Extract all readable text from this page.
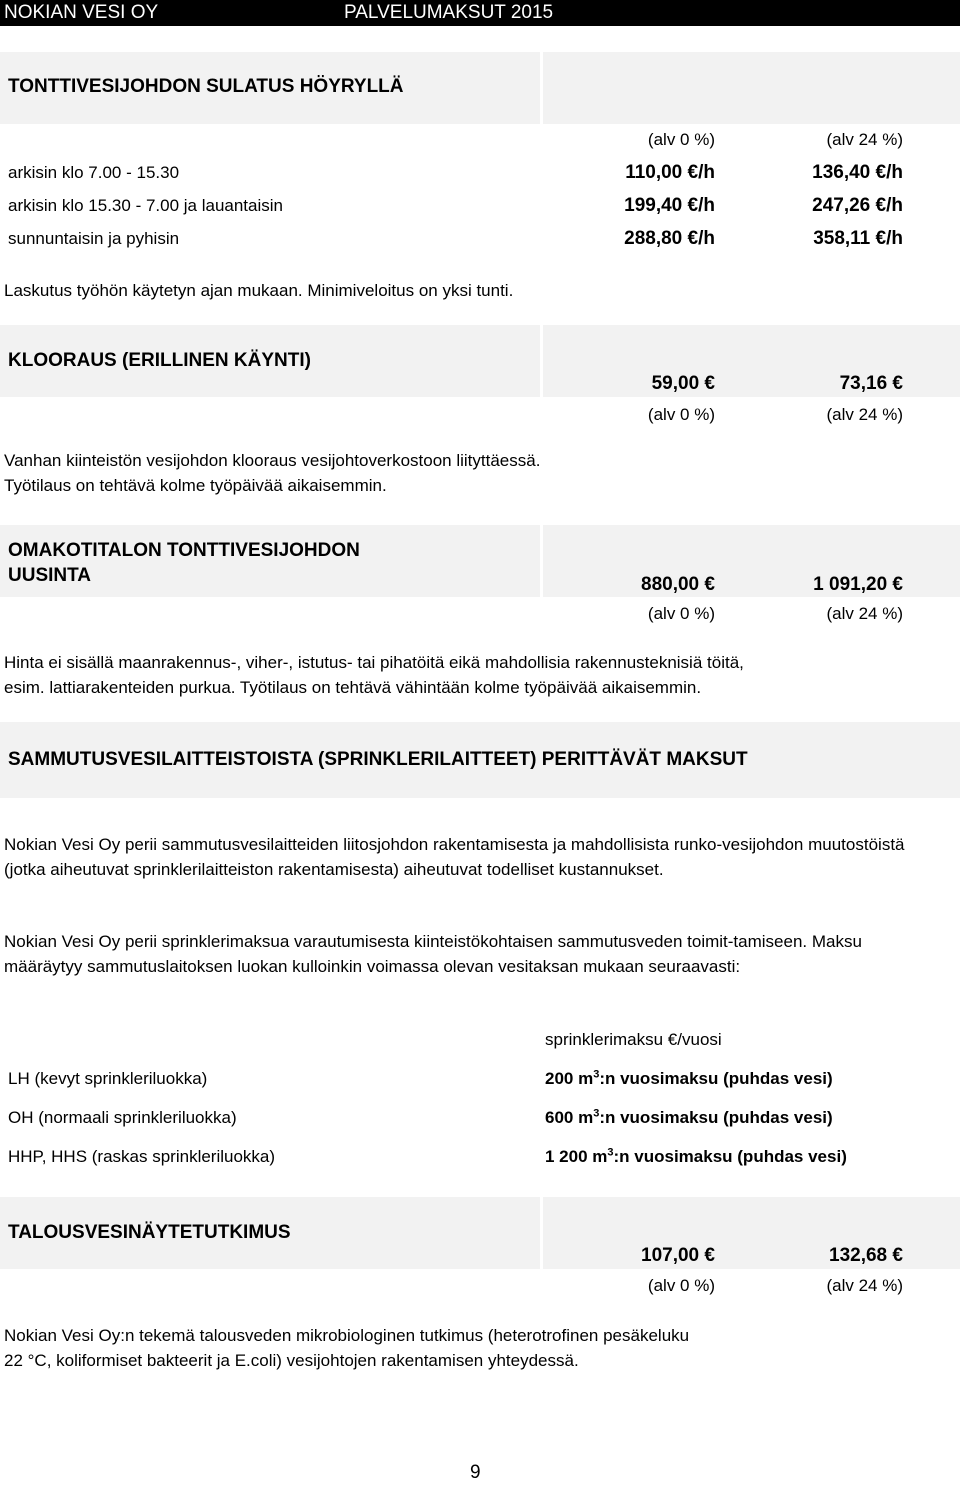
NOKIAN VESI OY	PALVELUMAKSUT 2015
TONTTIVESIJOHDON SULATUS HÖYRYLLÄ
(alv 0 %)	(alv 24 %)
arkisin klo 7.00 - 15.30	110,00 €/h	136,40 €/h
arkisin klo 15.30 - 7.00 ja lauantaisin	199,40 €/h	247,26 €/h
sunnuntaisin ja pyhisin	288,80 €/h	358,11 €/h
Laskutus työhön käytetyn ajan mukaan. Minimiveloitus on yksi tunti.
KLOORAUS (ERILLINEN KÄYNTI)
59,00 €	73,16 €
(alv 0 %)	(alv 24 %)
Vanhan kiinteistön vesijohdon klooraus vesijohtoverkostoon liityttäessä.
Työtilaus on tehtävä kolme työpäivää aikaisemmin.
OMAKOTITALON TONTTIVESIJOHDON
UUSINTA	880,00 €	1 091,20 €
(alv 0 %)	(alv 24 %)
Hinta ei sisällä maanrakennus-, viher-, istutus- tai pihatöitä eikä mahdollisia rakennusteknisiä töitä,
esim. lattiarakenteiden purkua. Työtilaus on tehtävä vähintään kolme työpäivää aikaisemmin.
SAMMUTUSVESILAITTEISTOISTA (SPRINKLERILAITTEET) PERITTÄVÄT MAKSUT
Nokian Vesi Oy perii sammutusvesilaitteiden liitosjohdon rakentamisesta ja mahdollisista runko-vesijohdon muutostöistä (jotka aiheutuvat sprinklerilaitteiston rakentamisesta) aiheutuvat todelliset kustannukset.
Nokian Vesi Oy perii sprinklerimaksua varautumisesta kiinteistökohtaisen sammutusveden toimit-tamiseen. Maksu määräytyy sammutuslaitoksen luokan kulloinkin voimassa olevan vesitaksan mukaan seuraavasti:
sprinklerimaksu €/vuosi
LH (kevyt sprinkleriluokka)	200 $m^3:n$ vuosimaksu (puhdas vesi)
OH (normaali sprinkleriluokka)	600 $m^3:n$ vuosimaksu (puhdas vesi)
HHP, HHS (raskas sprinkleriluokka)	1 200 $m^3:n$ vuosimaksu (puhdas vesi)
TALOUSVESINÄYTETUTKIMUS
107,00 €	132,68 €
(alv 0 %)	(alv 24 %)
Nokian Vesi Oy:n tekemä talousveden mikrobiologinen tutkimus (heterotrofinen pesäkeluku
22 °C, koliformiset bakteerit ja E.coli) vesijohtojen rakentamisen yhteydessä.
9
